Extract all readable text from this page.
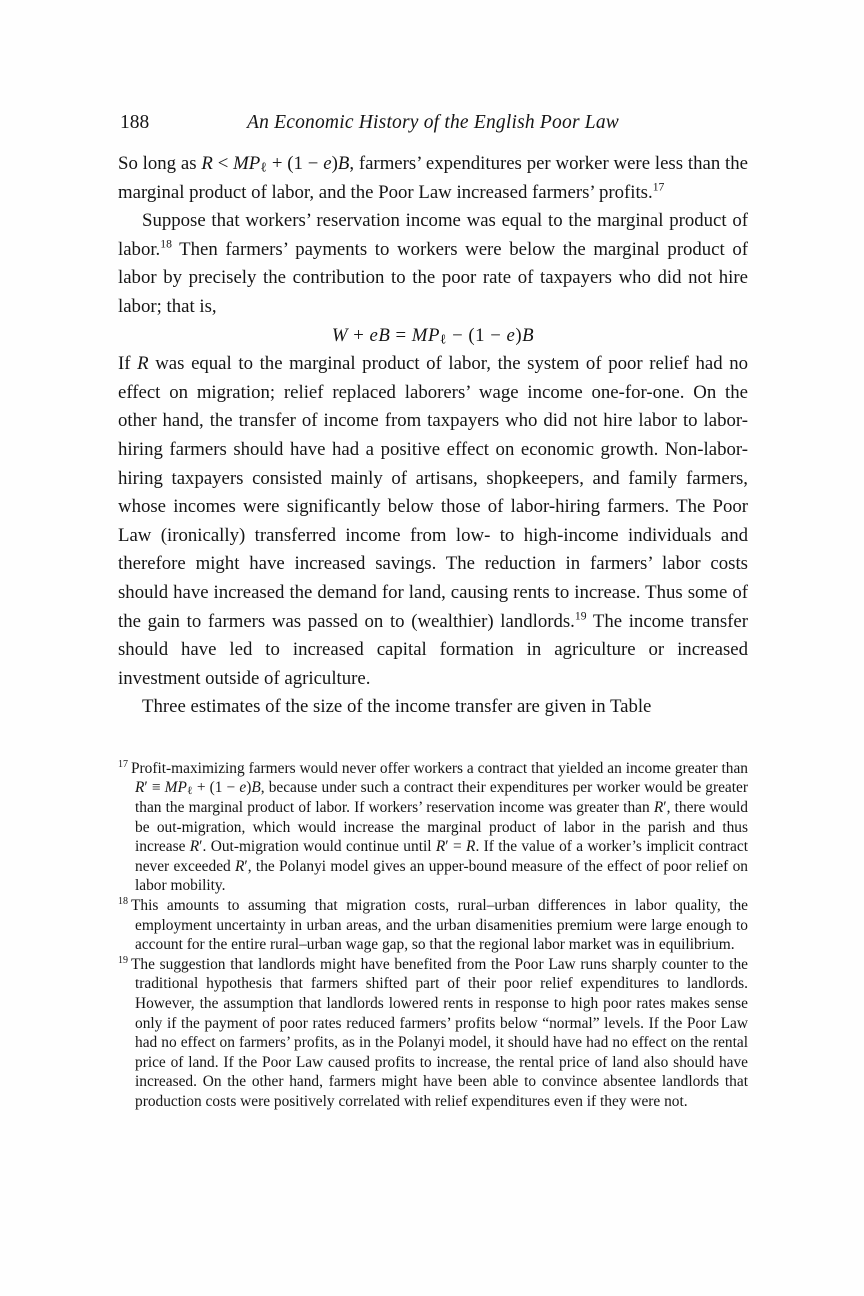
188	An Economic History of the English Poor Law

So long as R < MPℓ + (1 − e)B, farmers’ expenditures per worker were less than the marginal product of labor, and the Poor Law increased farmers’ profits.$^{17}$

Suppose that workers’ reservation income was equal to the marginal product of labor.$^{18}$ Then farmers’ payments to workers were below the marginal product of labor by precisely the contribution to the poor rate of taxpayers who did not hire labor; that is,

W + eB = MPℓ − (1 − e)B

If R was equal to the marginal product of labor, the system of poor relief had no effect on migration; relief replaced laborers’ wage income one-for-one. On the other hand, the transfer of income from taxpayers who did not hire labor to labor-hiring farmers should have had a positive effect on economic growth. Non-labor-hiring taxpayers consisted mainly of artisans, shopkeepers, and family farmers, whose incomes were significantly below those of labor-hiring farmers. The Poor Law (ironically) transferred income from low- to high-income individuals and therefore might have increased savings. The reduction in farmers’ labor costs should have increased the demand for land, causing rents to increase. Thus some of the gain to farmers was passed on to (wealthier) landlords.$^{19}$ The income transfer should have led to increased capital formation in agriculture or increased investment outside of agriculture.

Three estimates of the size of the income transfer are given in Table

$^{17}$ Profit-maximizing farmers would never offer workers a contract that yielded an income greater than R′ ≡ MPℓ + (1 − e)B, because under such a contract their expenditures per worker would be greater than the marginal product of labor. If workers’ reservation income was greater than R′, there would be out-migration, which would increase the marginal product of labor in the parish and thus increase R′. Out-migration would continue until R′ = R. If the value of a worker’s implicit contract never exceeded R′, the Polanyi model gives an upper-bound measure of the effect of poor relief on labor mobility.

$^{18}$ This amounts to assuming that migration costs, rural–urban differences in labor quality, the employment uncertainty in urban areas, and the urban disamenities premium were large enough to account for the entire rural–urban wage gap, so that the regional labor market was in equilibrium.

$^{19}$ The suggestion that landlords might have benefited from the Poor Law runs sharply counter to the traditional hypothesis that farmers shifted part of their poor relief expenditures to landlords. However, the assumption that landlords lowered rents in response to high poor rates makes sense only if the payment of poor rates reduced farmers’ profits below “normal” levels. If the Poor Law had no effect on farmers’ profits, as in the Polanyi model, it should have had no effect on the rental price of land. If the Poor Law caused profits to increase, the rental price of land also should have increased. On the other hand, farmers might have been able to convince absentee landlords that production costs were positively correlated with relief expenditures even if they were not.
